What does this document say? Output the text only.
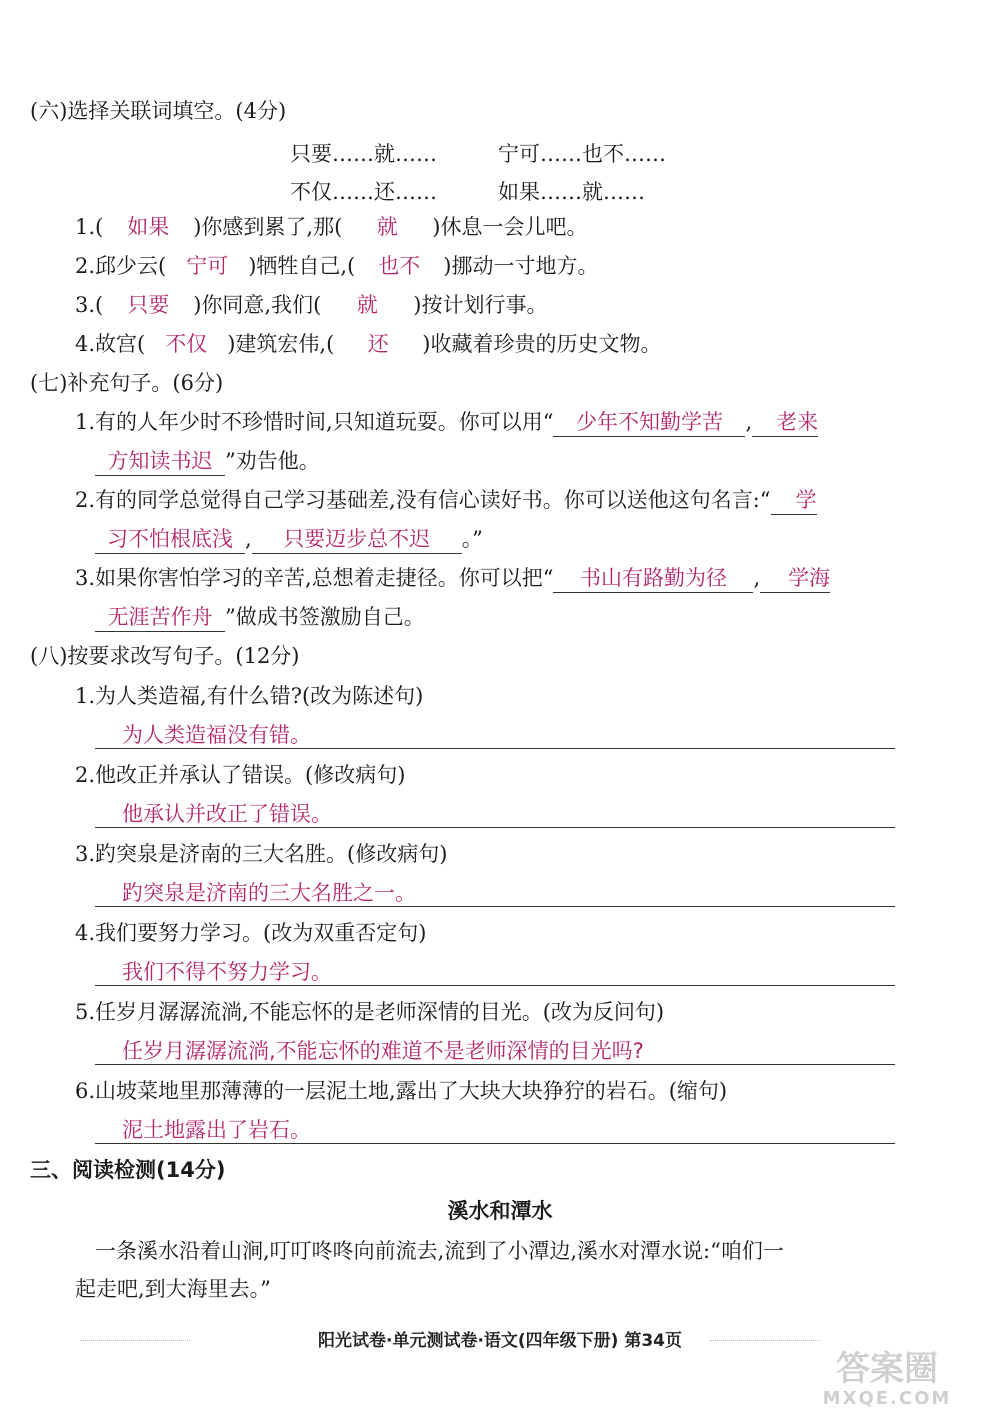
(六)选择关联词填空。(4分)
只要……就……	宁可……也不……
不仅……还……	如果……就……
1.( 如果 )你感到累了,那( 就 )休息一会儿吧。
2.邱少云( 宁可 )牺牲自己,( 也不 )挪动一寸地方。
3.( 只要 )你同意,我们( 就 )按计划行事。
4.故宫( 不仅 )建筑宏伟,( 还 )收藏着珍贵的历史文物。
(七)补充句子。(6分)
1.有的人年少时不珍惜时间,只知道玩耍。你可以用“ 少年不知勤学苦 , 老来
方知读书迟 ”劝告他。
2.有的同学总觉得自己学习基础差,没有信心读好书。你可以送他这句名言:“ 学
习不怕根底浅 , 只要迈步总不迟 。”
3.如果你害怕学习的辛苦,总想着走捷径。你可以把“ 书山有路勤为径 , 学海
无涯苦作舟 ”做成书签激励自己。
(八)按要求改写句子。(12分)
1.为人类造福,有什么错?(改为陈述句)
为人类造福没有错。
2.他改正并承认了错误。(修改病句)
他承认并改正了错误。
3.趵突泉是济南的三大名胜。(修改病句)
趵突泉是济南的三大名胜之一。
4.我们要努力学习。(改为双重否定句)
我们不得不努力学习。
5.任岁月潺潺流淌,不能忘怀的是老师深情的目光。(改为反问句)
任岁月潺潺流淌,不能忘怀的难道不是老师深情的目光吗?
6.山坡菜地里那薄薄的一层泥土地,露出了大块大块狰狞的岩石。(缩句)
泥土地露出了岩石。
三、阅读检测(14分)
溪水和潭水
一条溪水沿着山涧,叮叮咚咚向前流去,流到了小潭边,溪水对潭水说:“咱们一
起走吧,到大海里去。”
阳光试卷·单元测试卷·语文(四年级下册) 第34页
答案圈
MXQE.COM
